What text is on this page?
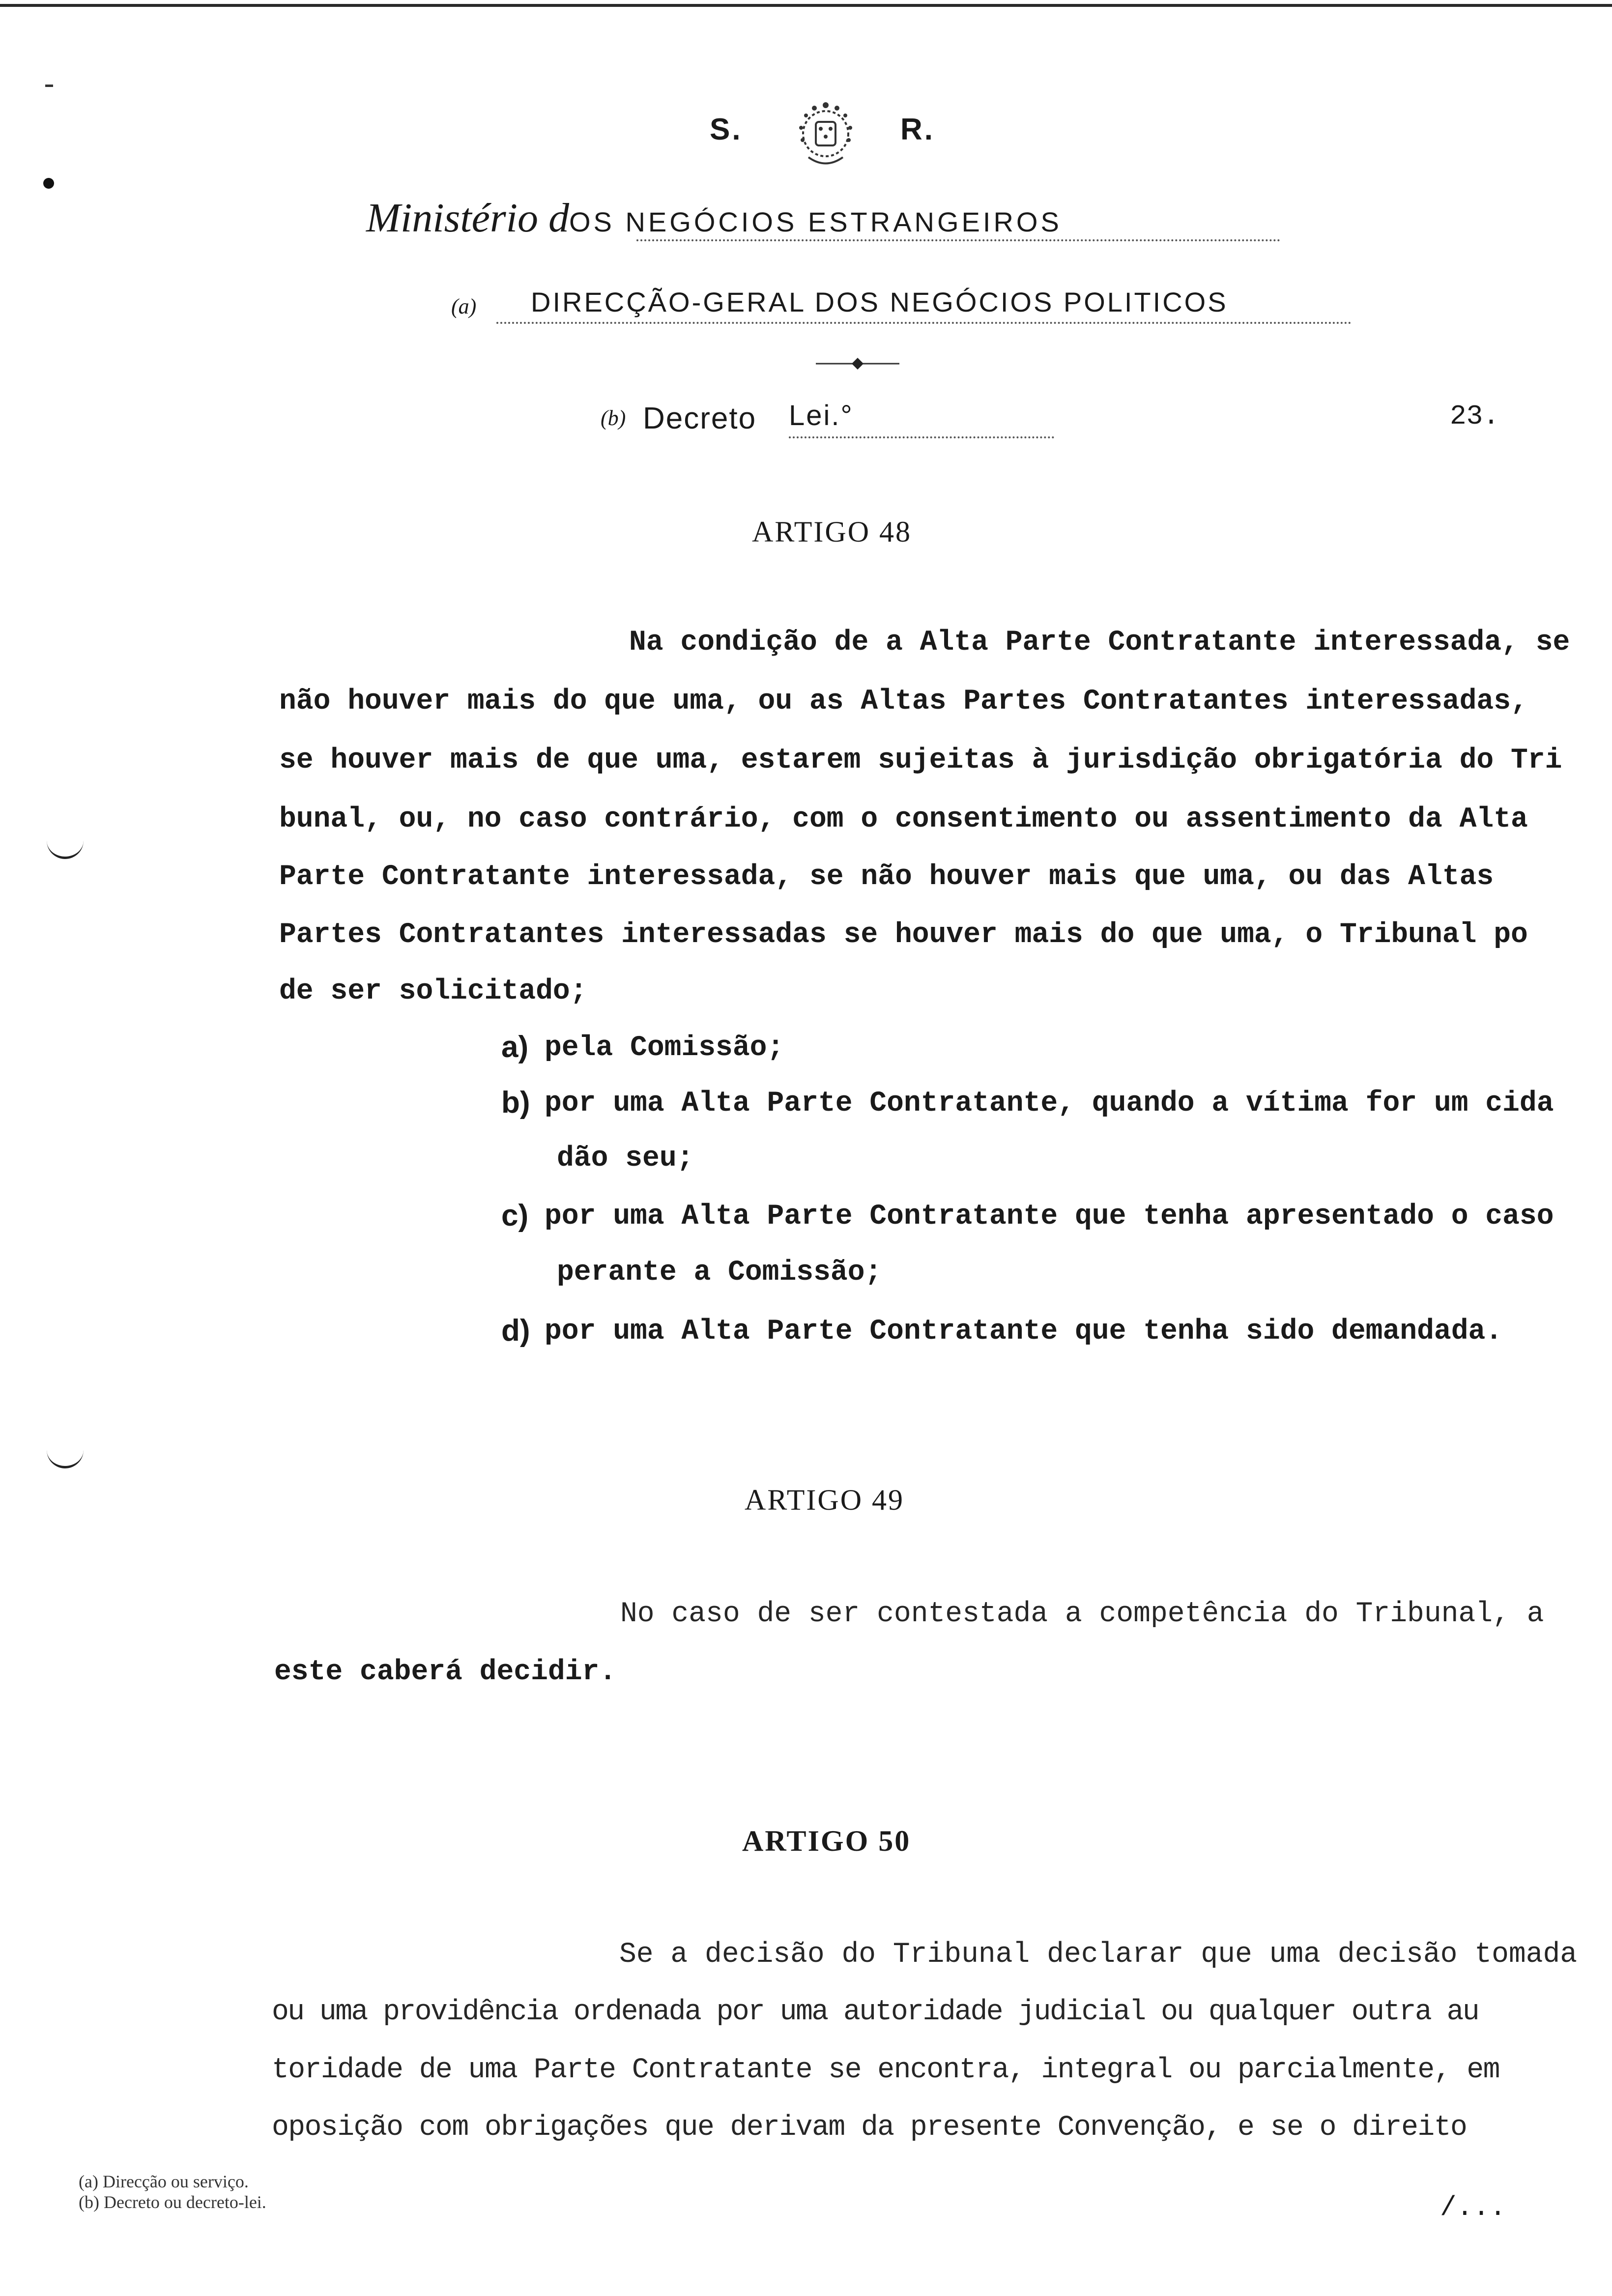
S.	R.
Ministério dOS NEGÓCIOS ESTRANGEIROS
(a) DIRECÇÃO-GERAL DOS NEGÓCIOS POLITICOS
(b) Decreto Lei.°	23.
ARTIGO 48
Na condição de a Alta Parte Contratante interessada, se
não houver mais do que uma, ou as Altas Partes Contratantes interessadas,
se houver mais de que uma, estarem sujeitas à jurisdição obrigatória do Tri
bunal, ou, no caso contrário, com o consentimento ou assentimento da Alta
Parte Contratante interessada, se não houver mais que uma, ou das Altas
Partes Contratantes interessadas se houver mais do que uma, o Tribunal po
de ser solicitado;
a) pela Comissão;
b) por uma Alta Parte Contratante, quando a vítima for um cida
dão seu;
c) por uma Alta Parte Contratante que tenha apresentado o caso
perante a Comissão;
d) por uma Alta Parte Contratante que tenha sido demandada.
ARTIGO 49
No caso de ser contestada a competência do Tribunal, a
este caberá decidir.
ARTIGO 50
Se a decisão do Tribunal declarar que uma decisão tomada
ou uma providência ordenada por uma autoridade judicial ou qualquer outra au
toridade de uma Parte Contratante se encontra, integral ou parcialmente, em
oposição com obrigações que derivam da presente Convenção, e se o direito
(a) Direcção ou serviço.
(b) Decreto ou decreto-lei.	/...
